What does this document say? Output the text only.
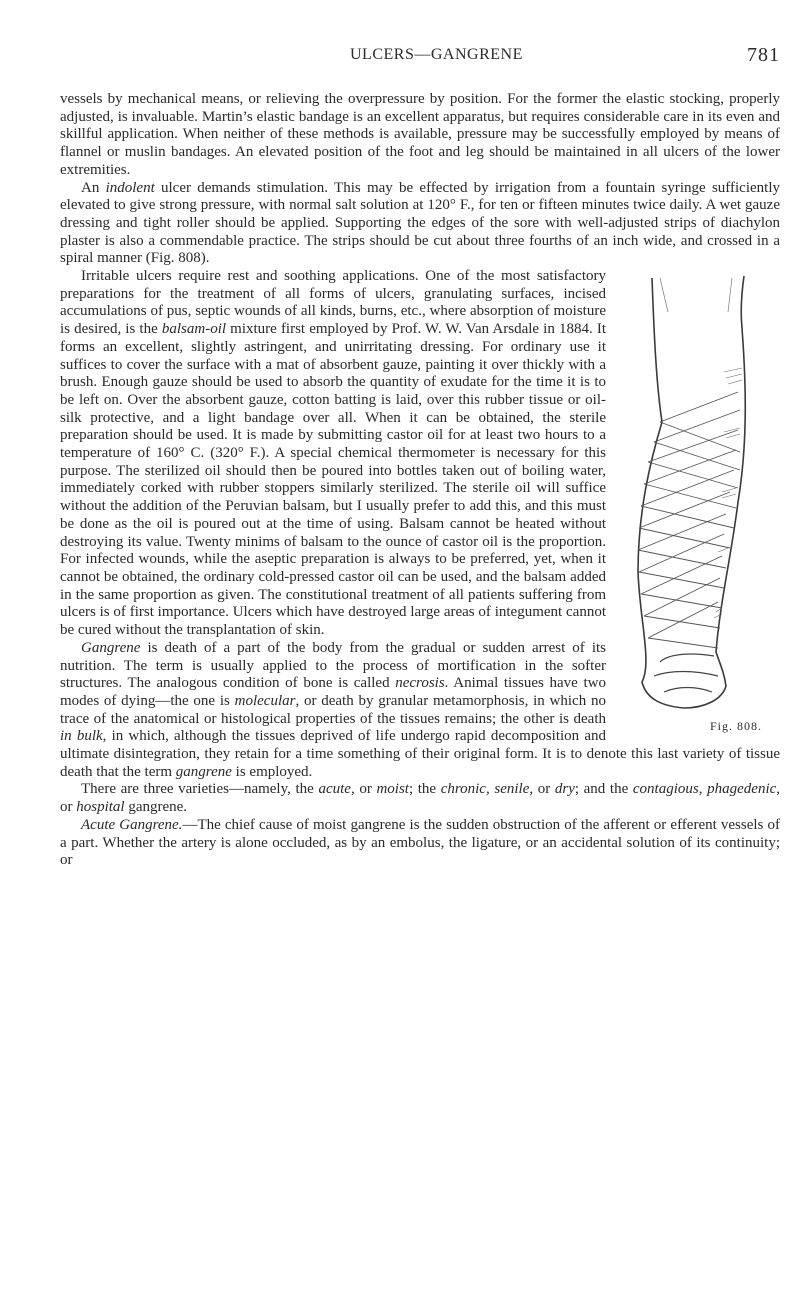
ULCERS—GANGRENE	781

vessels by mechanical means, or relieving the overpressure by position. For the former the elastic stocking, properly adjusted, is invaluable. Martin’s elastic bandage is an excellent apparatus, but requires considerable care in its even and skillful application. When neither of these methods is available, pressure may be successfully employed by means of flannel or muslin bandages. An elevated position of the foot and leg should be maintained in all ulcers of the lower extremities.

An indolent ulcer demands stimulation. This may be effected by irrigation from a fountain syringe sufficiently elevated to give strong pressure, with normal salt solution at 120° F., for ten or fifteen minutes twice daily. A wet gauze dressing and tight roller should be applied. Supporting the edges of the sore with well-adjusted strips of diachylon plaster is also a commendable practice. The strips should be cut about three fourths of an inch wide, and crossed in a spiral manner (Fig. 808).

Fig. 808.

Irritable ulcers require rest and soothing applications. One of the most satisfactory preparations for the treatment of all forms of ulcers, granulating surfaces, incised accumulations of pus, septic wounds of all kinds, burns, etc., where absorption of moisture is desired, is the balsam-oil mixture first employed by Prof. W. W. Van Arsdale in 1884. It forms an excellent, slightly astringent, and unirritating dressing. For ordinary use it suffices to cover the surface with a mat of absorbent gauze, painting it over thickly with a brush. Enough gauze should be used to absorb the quantity of exudate for the time it is to be left on. Over the absorbent gauze, cotton batting is laid, over this rubber tissue or oil-silk protective, and a light bandage over all. When it can be obtained, the sterile preparation should be used. It is made by submitting castor oil for at least two hours to a temperature of 160° C. (320° F.). A special chemical thermometer is necessary for this purpose. The sterilized oil should then be poured into bottles taken out of boiling water, immediately corked with rubber stoppers similarly sterilized. The sterile oil will suffice without the addition of the Peruvian balsam, but I usually prefer to add this, and this must be done as the oil is poured out at the time of using. Balsam cannot be heated without destroying its value. Twenty minims of balsam to the ounce of castor oil is the proportion. For infected wounds, while the aseptic preparation is always to be preferred, yet, when it cannot be obtained, the ordinary cold-pressed castor oil can be used, and the balsam added in the same proportion as given. The constitutional treatment of all patients suffering from ulcers is of first importance. Ulcers which have destroyed large areas of integument cannot be cured without the transplantation of skin.

Gangrene is death of a part of the body from the gradual or sudden arrest of its nutrition. The term is usually applied to the process of mortification in the softer structures. The analogous condition of bone is called necrosis. Animal tissues have two modes of dying—the one is molecular, or death by granular metamorphosis, in which no trace of the anatomical or histological properties of the tissues remains; the other is death in bulk, in which, although the tissues deprived of life undergo rapid decomposition and ultimate disintegration, they retain for a time something of their original form. It is to denote this last variety of tissue death that the term gangrene is employed.

There are three varieties—namely, the acute, or moist; the chronic, senile, or dry; and the contagious, phagedenic, or hospital gangrene.

Acute Gangrene.—The chief cause of moist gangrene is the sudden obstruction of the afferent or efferent vessels of a part. Whether the artery is alone occluded, as by an embolus, the ligature, or an accidental solution of its continuity; or
